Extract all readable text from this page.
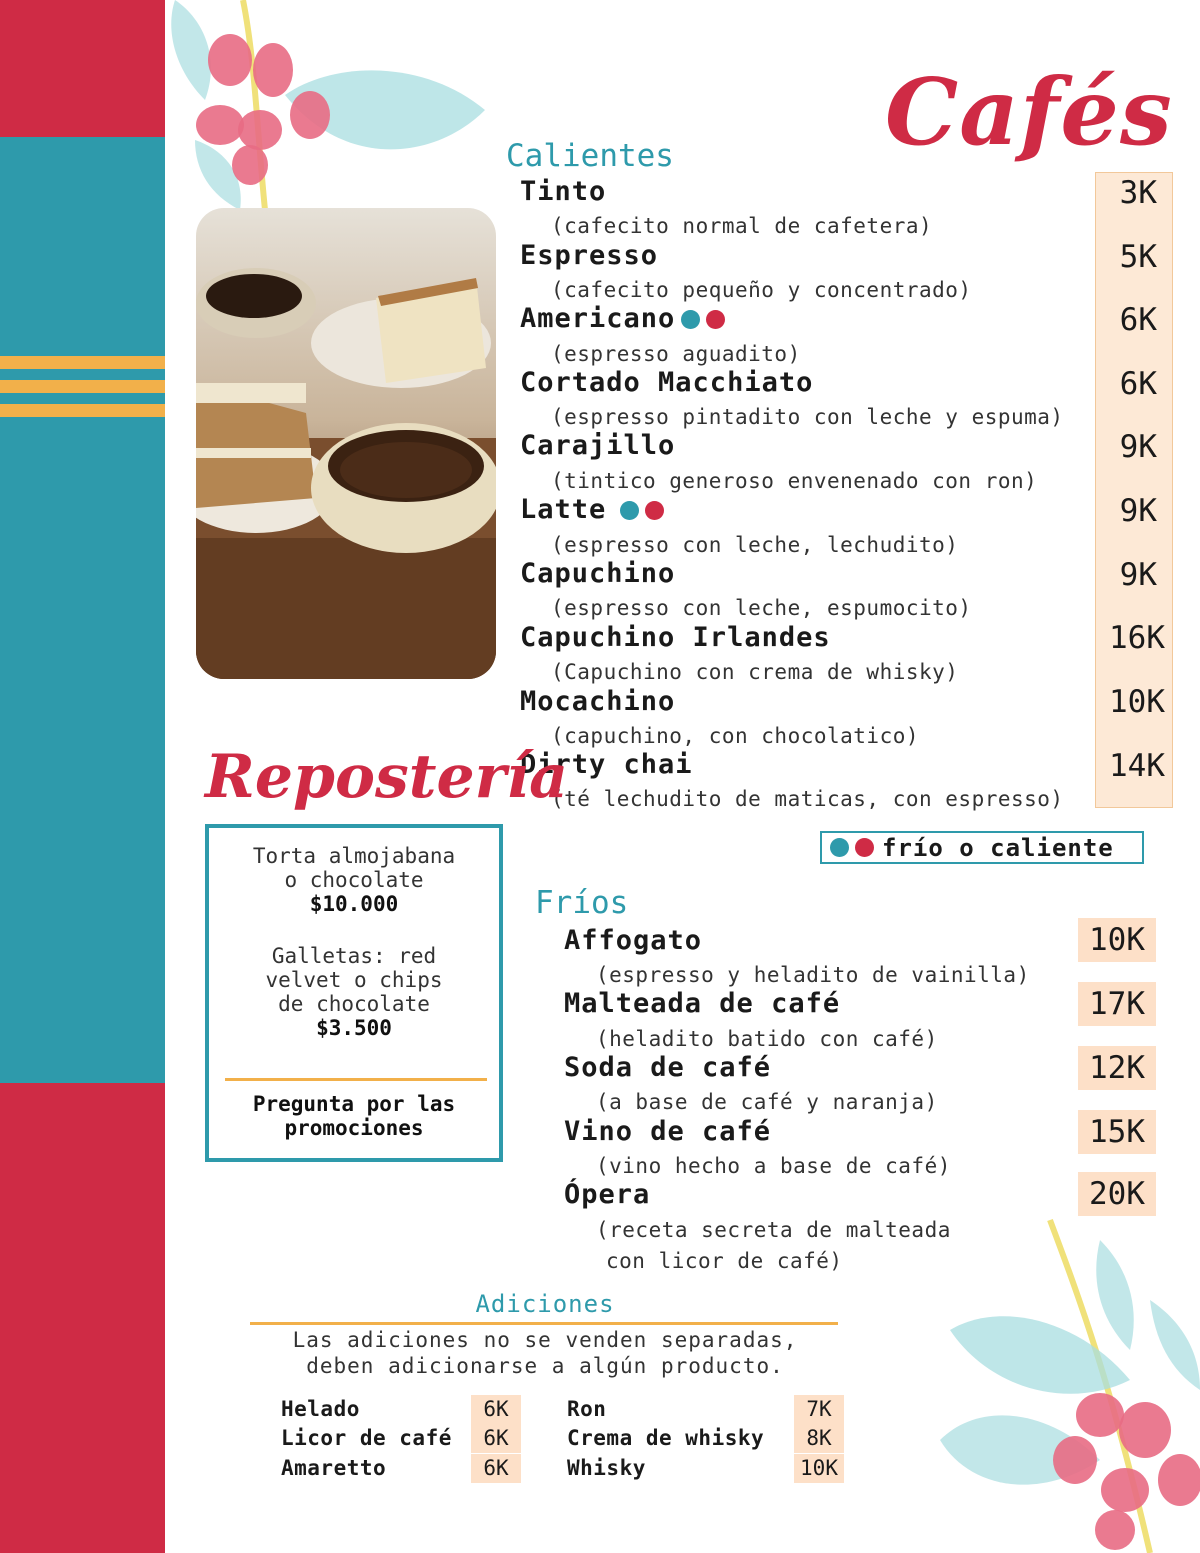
Cafés
Calientes
Tinto
(cafecito normal de cafetera)
3K
Espresso
(cafecito pequeño y concentrado)
5K
Americano
(espresso aguadito)
6K
Cortado Macchiato
(espresso pintadito con leche y espuma)
6K
Carajillo
(tintico generoso envenenado con ron)
9K
Latte
(espresso con leche, lechudito)
9K
Capuchino
(espresso con leche, espumocito)
9K
Capuchino Irlandes
(Capuchino con crema de whisky)
16K
Mocachino
(capuchino, con chocolatico)
10K
Dirty chai
(té lechudito de maticas, con espresso)
14K
frío o caliente
Repostería
Torta almojabana
o chocolate
$10.000
Galletas: red
velvet o chips
de chocolate
$3.500
Pregunta por las
promociones
Fríos
Affogato
(espresso y heladito de vainilla)
10K
Malteada de café
(heladito batido con café)
17K
Soda de café
(a base de café y naranja)
12K
Vino de café
(vino hecho a base de café)
15K
Ópera
(receta secreta de malteada
con licor de café)
20K
Adiciones
Las adiciones no se venden separadas,
deben adicionarse a algún producto.
Helado	6K
Licor de café	6K
Amaretto	6K
Ron	7K
Crema de whisky	8K
Whisky	10K
